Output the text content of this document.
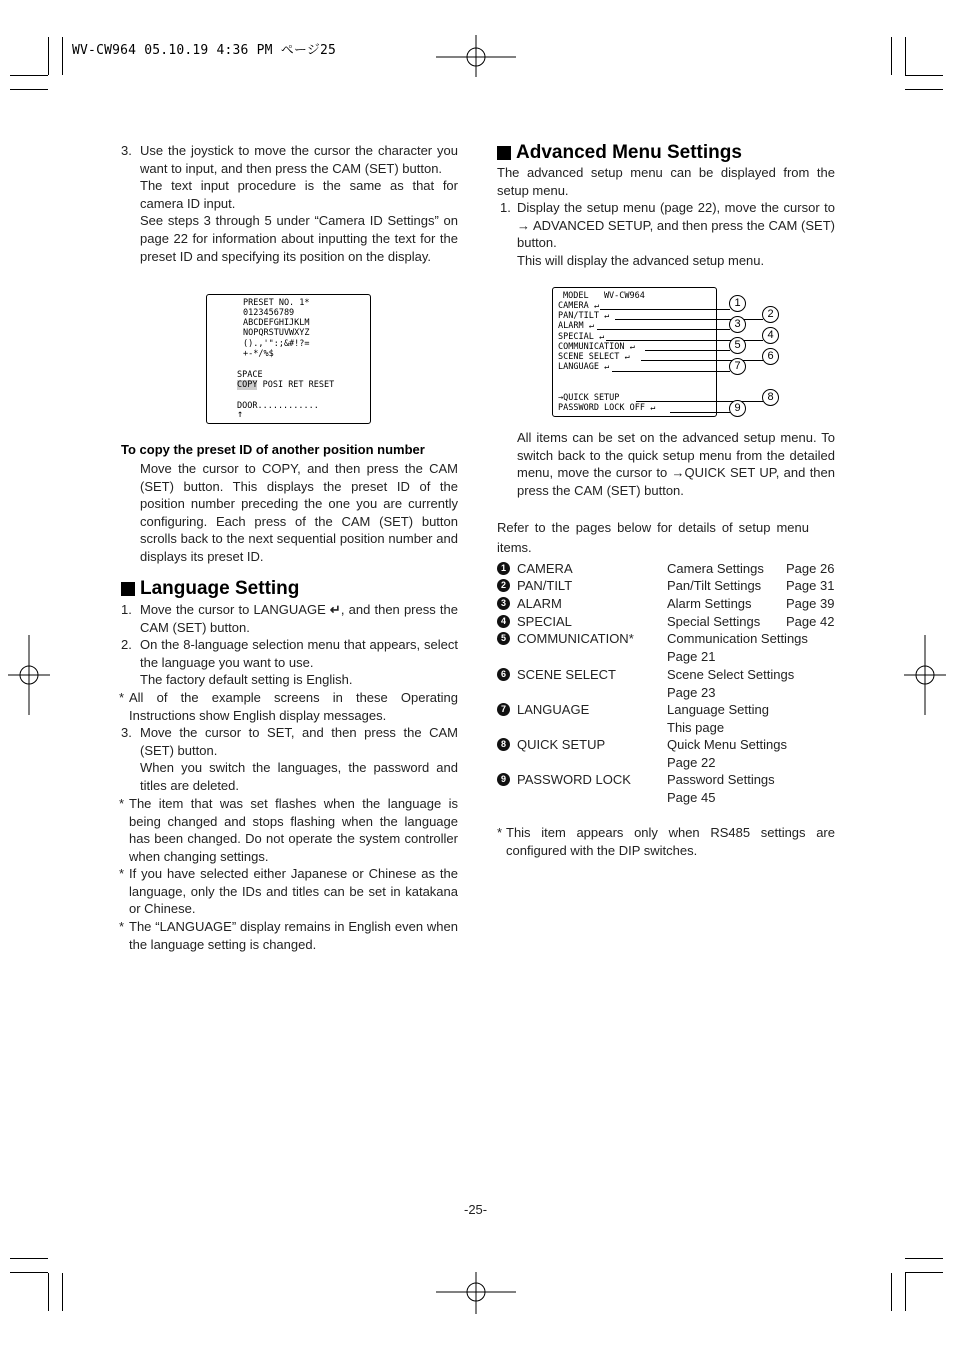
WV-CW964 05.10.19 4:36 PM ページ25
3. Use the joystick to move the cursor the character you want to input, and then press the CAM (SET) button.
The text input procedure is the same as that for camera ID input.
See steps 3 through 5 under “Camera ID Settings” on page 22 for information about inputting the text for the preset ID and specifying its position on the display.
PRESET NO. 1*
0123456789
ABCDEFGHIJKLM
NOPQRSTUVWXYZ
().,'":;&#!?=
+-*/%$
SPACE
COPY POSI RET RESET
DOOR............
↑
To copy the preset ID of another position number
Move the cursor to COPY, and then press the CAM (SET) button. This displays the preset ID of the position number preceding the one you are currently configuring. Each press of the CAM (SET) button scrolls back to the next sequential position number and displays its preset ID.
Language Setting
1. Move the cursor to LANGUAGE ↵, and then press the CAM (SET) button.
2. On the 8-language selection menu that appears, select the language you want to use.
The factory default setting is English.
* All of the example screens in these Operating Instructions show English display messages.
3. Move the cursor to SET, and then press the CAM (SET) button.
When you switch the languages, the password and titles are deleted.
* The item that was set flashes when the language is being changed and stops flashing when the language has been changed. Do not operate the system controller when changing settings.
* If you have selected either Japanese or Chinese as the language, only the IDs and titles can be set in katakana or Chinese.
* The “LANGUAGE” display remains in English even when the language setting is changed.
Advanced Menu Settings
The advanced setup menu can be displayed from the setup menu.
1. Display the setup menu (page 22), move the cursor to → ADVANCED SETUP, and then press the CAM (SET) button.
This will display the advanced setup menu.
MODEL   WV-CW964
CAMERA ↵
PAN/TILT ↵
ALARM ↵
SPECIAL ↵
COMMUNICATION ↵
SCENE SELECT ↵
LANGUAGE ↵
→QUICK SETUP
PASSWORD LOCK OFF ↵
1
2
3
4
5
6
7
8
9
All items can be set on the advanced setup menu. To switch back to the quick setup menu from the detailed menu, move the cursor to →QUICK SET UP, and then press the CAM (SET) button.
Refer to the pages below for details of setup menu items.
1 CAMERA	Camera Settings Page 26
2 PAN/TILT	Pan/Tilt Settings Page 31
3 ALARM	Alarm Settings	Page 39
4 SPECIAL	Special Settings Page 42
5 COMMUNICATION*	Communication Settings
Page 21
6 SCENE SELECT	Scene Select Settings
Page 23
7 LANGUAGE	Language Setting
This page
8 QUICK SETUP	Quick Menu Settings
Page 22
9 PASSWORD LOCK	Password Settings
Page 45
* This item appears only when RS485 settings are configured with the DIP switches.
-25-
